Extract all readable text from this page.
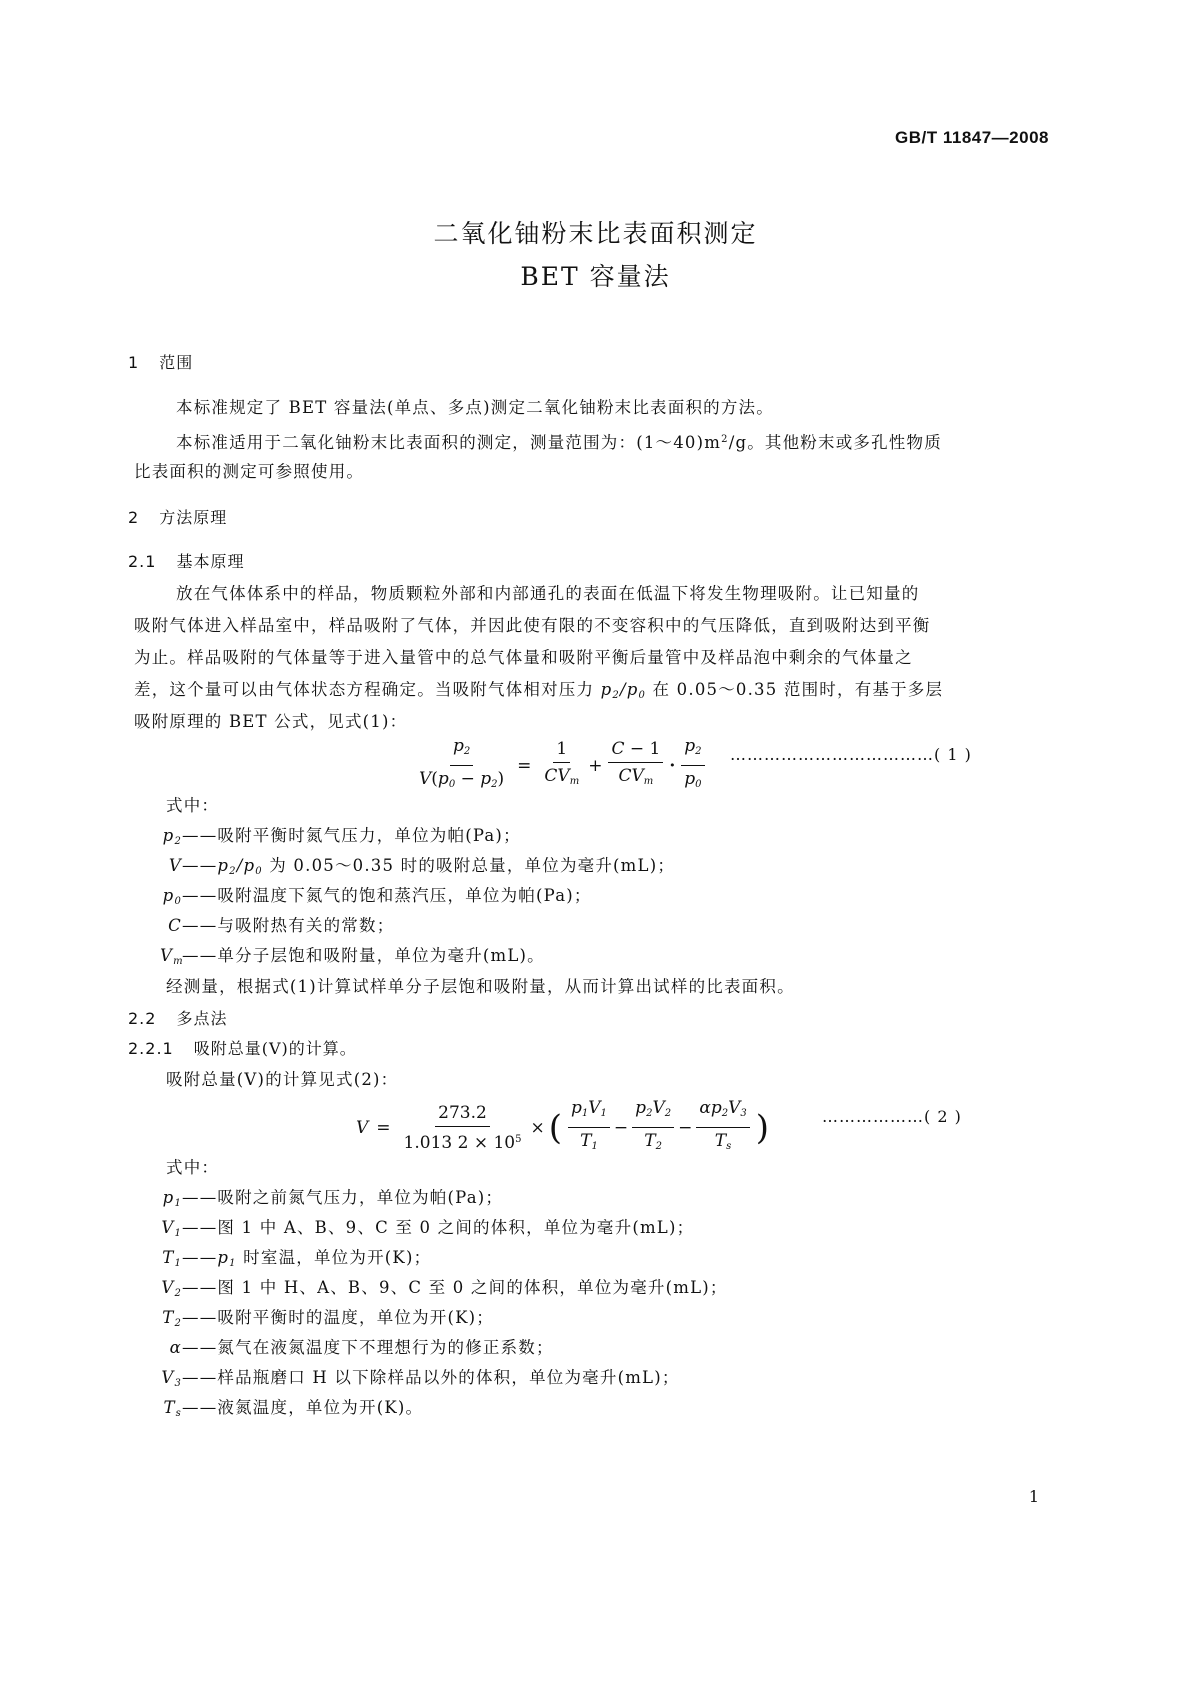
GB/T 11847—2008
二氧化铀粉末比表面积测定
BET 容量法
1 范围
本标准规定了 BET 容量法(单点、多点)测定二氧化铀粉末比表面积的方法。
本标准适用于二氧化铀粉末比表面积的测定，测量范围为：$(1\sim 40)m^2/g$。其他粉末或多孔性物质
比表面积的测定可参照使用。
2 方法原理
2.1 基本原理
放在气体体系中的样品，物质颗粒外部和内部通孔的表面在低温下将发生物理吸附。让已知量的
吸附气体进入样品室中，样品吸附了气体，并因此使有限的不变容积中的气压降低，直到吸附达到平衡
为止。样品吸附的气体量等于进入量管中的总气体量和吸附平衡后量管中及样品泡中剩余的气体量之
差，这个量可以由气体状态方程确定。当吸附气体相对压力 $p_2/p_0$ 在 0.05～0.35 范围时，有基于多层
吸附原理的 BET 公式，见式(1)：
$\frac{p_2}{V(p_0 - p_2)} = \frac{1}{CV_m} + \frac{C - 1}{CV_m} \cdot \frac{p_2}{p_0}$ ………………………………( 1 )
式中：
$p_2——$吸附平衡时氮气压力，单位为帕(Pa)；
$V——p_2/p_0$ 为 0.05～0.35 时的吸附总量，单位为毫升(mL)；
$p_0——$吸附温度下氮气的饱和蒸汽压，单位为帕(Pa)；
C——与吸附热有关的常数；
$V_m——$单分子层饱和吸附量，单位为毫升(mL)。
经测量，根据式(1)计算试样单分子层饱和吸附量，从而计算出试样的比表面积。
2.2 多点法
2.2.1 吸附总量(V)的计算。
吸附总量(V)的计算见式(2)：
$V = \frac{273.2}{1.013 2 \times 10^5}$ × ( $\frac{p_1V_1}{T_1} - \frac{p_2V_2}{T_2} - \frac{\alpha p_2V_3}{T_s}$ )	………………( 2 )
式中：
$p_1——$吸附之前氮气压力，单位为帕(Pa)；
$V_1——$图 1 中 A、B、9、C 至 0 之间的体积，单位为毫升(mL)；
$T_1——p_1$ 时室温，单位为开(K)；
$V_2——$图 1 中 H、A、B、9、C 至 0 之间的体积，单位为毫升(mL)；
$T_2——$吸附平衡时的温度，单位为开(K)；
α——氮气在液氮温度下不理想行为的修正系数；
$V_3——$样品瓶磨口 H 以下除样品以外的体积，单位为毫升(mL)；
$T_s——$液氮温度，单位为开(K)。
1
